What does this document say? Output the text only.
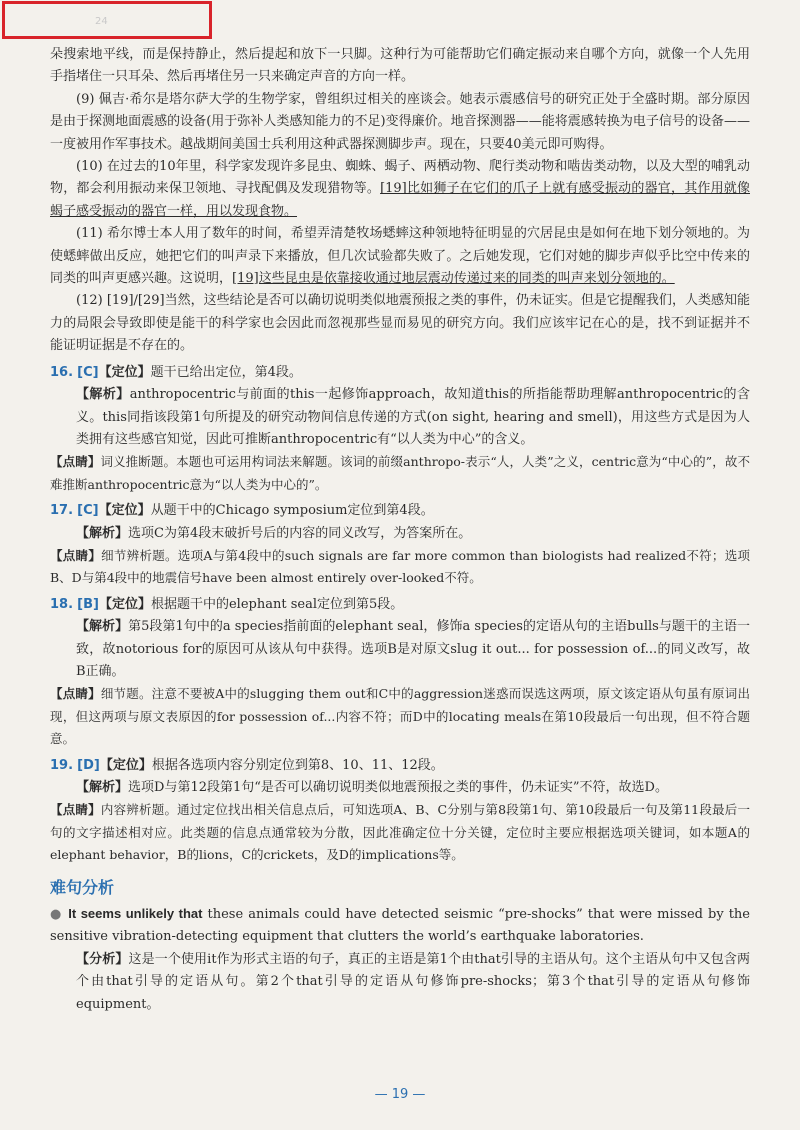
24

朵搜索地平线，而是保持静止，然后提起和放下一只脚。这种行为可能帮助它们确定振动来自哪个方向，就像一个人先用手指堵住一只耳朵、然后再堵住另一只来确定声音的方向一样。

(9) 佩吉·希尔是塔尔萨大学的生物学家，曾组织过相关的座谈会。她表示震感信号的研究正处于全盛时期。部分原因是由于探测地面震感的设备(用于弥补人类感知能力的不足)变得廉价。地音探测器——能将震感转换为电子信号的设备——一度被用作军事技术。越战期间美国士兵利用这种武器探测脚步声。现在，只要40美元即可购得。

(10) 在过去的10年里，科学家发现许多昆虫、蜘蛛、蝎子、两栖动物、爬行类动物和啮齿类动物，以及大型的哺乳动物，都会利用振动来保卫领地、寻找配偶及发现猎物等。[19]比如狮子在它们的爪子上就有感受振动的器官，其作用就像蝎子感受振动的器官一样，用以发现食物。

(11) 希尔博士本人用了数年的时间，希望弄清楚牧场蟋蟀这种领地特征明显的穴居昆虫是如何在地下划分领地的。为使蟋蟀做出反应，她把它们的叫声录下来播放，但几次试验都失败了。之后她发现，它们对她的脚步声似乎比空中传来的同类的叫声更感兴趣。这说明，[19]这些昆虫是依靠接收通过地层震动传递过来的同类的叫声来划分领地的。

(12) [19]/[29]当然，这些结论是否可以确切说明类似地震预报之类的事件，仍未证实。但是它提醒我们，人类感知能力的局限会导致即使是能干的科学家也会因此而忽视那些显而易见的研究方向。我们应该牢记在心的是，找不到证据并不能证明证据是不存在的。

16. [C]【定位】题干已给出定位，第4段。

【解析】anthropocentric与前面的this一起修饰approach，故知道this的所指能帮助理解anthropocentric的含义。this同指该段第1句所提及的研究动物间信息传递的方式(on sight, hearing and smell)，用这些方式是因为人类拥有这些感官知觉，因此可推断anthropocentric有“以人类为中心”的含义。

【点睛】词义推断题。本题也可运用构词法来解题。该词的前缀anthropo-表示“人，人类”之义，centric意为“中心的”，故不难推断anthropocentric意为“以人类为中心的”。

17. [C]【定位】从题干中的Chicago symposium定位到第4段。

【解析】选项C为第4段末破折号后的内容的同义改写，为答案所在。

【点睛】细节辨析题。选项A与第4段中的such signals are far more common than biologists had realized不符；选项B、D与第4段中的地震信号have been almost entirely over-looked不符。

18. [B]【定位】根据题干中的elephant seal定位到第5段。

【解析】第5段第1句中的a species指前面的elephant seal，修饰a species的定语从句的主语bulls与题干的主语一致，故notorious for的原因可从该从句中获得。选项B是对原文slug it out... for possession of...的同义改写，故B正确。

【点睛】细节题。注意不要被A中的slugging them out和C中的aggression迷惑而误选这两项，原文该定语从句虽有原词出现，但这两项与原文表原因的for possession of...内容不符；而D中的locating meals在第10段最后一句出现，但不符合题意。

19. [D]【定位】根据各选项内容分别定位到第8、10、11、12段。

【解析】选项D与第12段第1句“是否可以确切说明类似地震预报之类的事件，仍未证实”不符，故选D。

【点睛】内容辨析题。通过定位找出相关信息点后，可知选项A、B、C分别与第8段第1句、第10段最后一句及第11段最后一句的文字描述相对应。此类题的信息点通常较为分散，因此准确定位十分关键，定位时主要应根据选项关键词，如本题A的elephant behavior，B的lions，C的crickets，及D的implications等。

难句分析

● It seems unlikely that these animals could have detected seismic “pre-shocks” that were missed by the sensitive vibration-detecting equipment that clutters the world’s earthquake laboratories.

【分析】这是一个使用it作为形式主语的句子，真正的主语是第1个由that引导的主语从句。这个主语从句中又包含两个由that引导的定语从句。第2个that引导的定语从句修饰pre-shocks；第3个that引导的定语从句修饰equipment。

— 19 —
